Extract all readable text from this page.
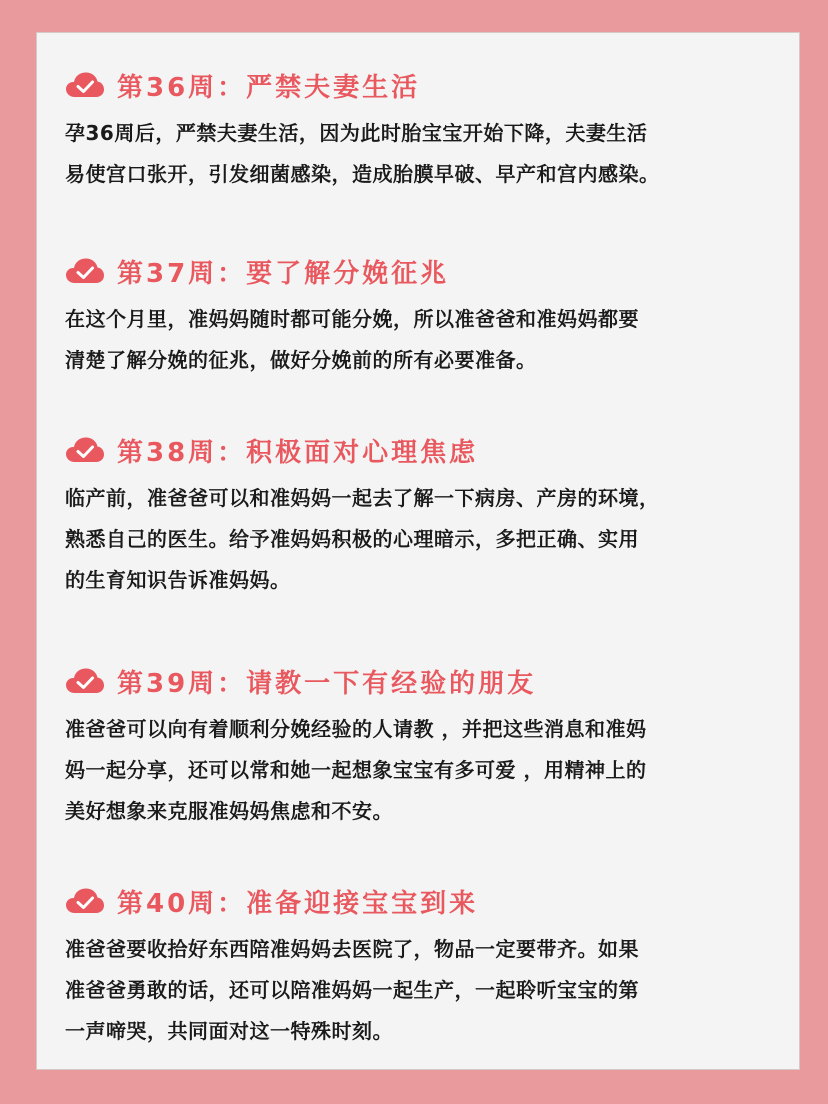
第36周：严禁夫妻生活
孕36周后，严禁夫妻生活，因为此时胎宝宝开始下降，夫妻生活
易使宫口张开，引发细菌感染，造成胎膜早破、早产和宫内感染。
第37周：要了解分娩征兆
在这个月里，准妈妈随时都可能分娩，所以准爸爸和准妈妈都要
清楚了解分娩的征兆，做好分娩前的所有必要准备。
第38周：积极面对心理焦虑
临产前，准爸爸可以和准妈妈一起去了解一下病房、产房的环境，
熟悉自己的医生。给予准妈妈积极的心理暗示，多把正确、实用
的生育知识告诉准妈妈。
第39周：请教一下有经验的朋友
准爸爸可以向有着顺利分娩经验的人请教 ，并把这些消息和准妈
妈一起分享，还可以常和她一起想象宝宝有多可爱 ，用精神上的
美好想象来克服准妈妈焦虑和不安。
第40周：准备迎接宝宝到来
准爸爸要收拾好东西陪准妈妈去医院了，物品一定要带齐。如果
准爸爸勇敢的话，还可以陪准妈妈一起生产，一起聆听宝宝的第
一声啼哭，共同面对这一特殊时刻。
